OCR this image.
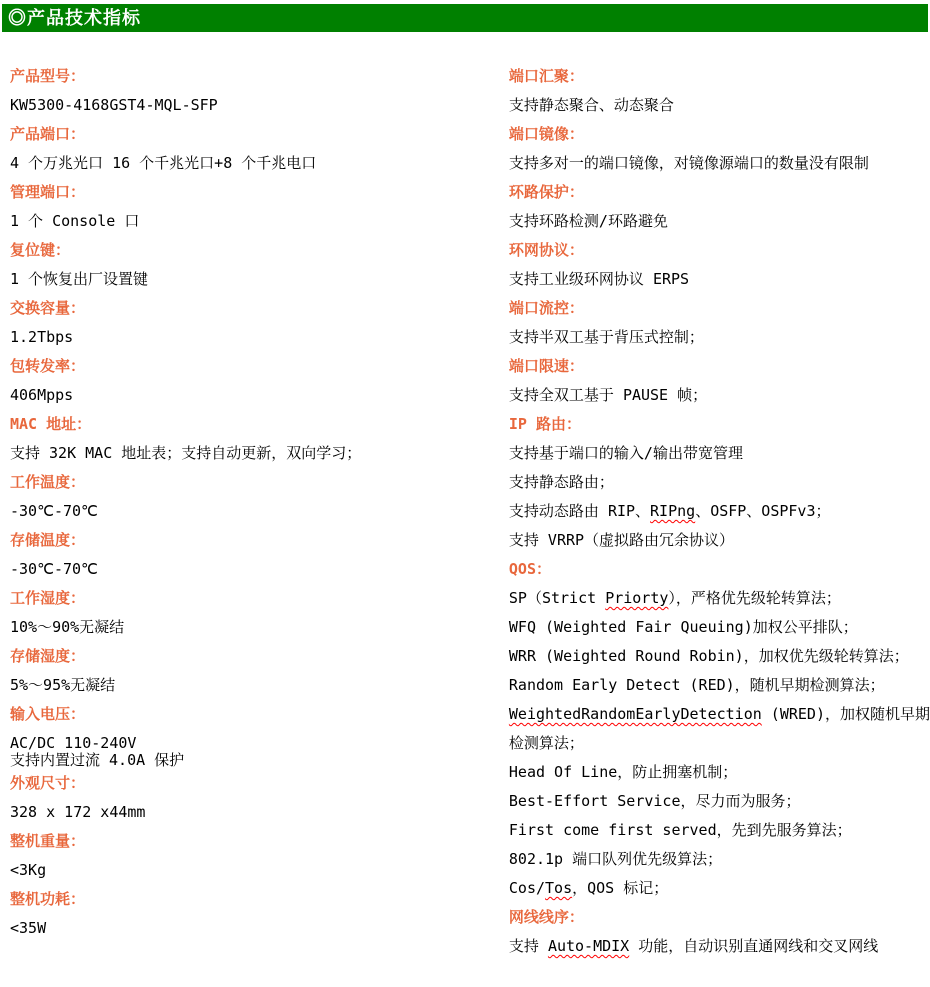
◎产品技术指标
产品型号：

KW5300-4168GST4-MQL-SFP

产品端口：

4 个万兆光口 16 个千兆光口+8 个千兆电口

管理端口：

1 个 Console 口

复位键：

1 个恢复出厂设置键

交换容量：

1.2Tbps

包转发率：

406Mpps

MAC 地址：

支持 32K MAC 地址表；支持自动更新，双向学习；

工作温度：

-30℃-70℃

存储温度：

-30℃-70℃

工作湿度：

10%～90%无凝结

存储湿度：

5%～95%无凝结

输入电压：

AC/DC 110-240V

支持内置过流 4.0A 保护

外观尺寸：

328 x 172 x44mm

整机重量：

<3Kg

整机功耗：

<35W

端口汇聚：

支持静态聚合、动态聚合

端口镜像：

支持多对一的端口镜像，对镜像源端口的数量没有限制

环路保护：

支持环路检测/环路避免

环网协议：

支持工业级环网协议 ERPS

端口流控：

支持半双工基于背压式控制；

端口限速：

支持全双工基于 PAUSE 帧；

IP 路由：

支持基于端口的输入/输出带宽管理

支持静态路由；

支持动态路由 RIP、RIPng、OSFP、OSPFv3；

支持 VRRP（虚拟路由冗余协议）

QOS：

SP（Strict Priorty），严格优先级轮转算法；

WFQ (Weighted Fair Queuing)加权公平排队；

WRR (Weighted Round Robin)，加权优先级轮转算法；

Random Early Detect (RED)，随机早期检测算法；

WeightedRandomEarlyDetection (WRED)，加权随机早期

检测算法；

Head Of Line，防止拥塞机制；

Best-Effort Service，尽力而为服务；

First come first served，先到先服务算法；

802.1p 端口队列优先级算法；

Cos/Tos，QOS 标记；

网线线序：

支持 Auto-MDIX 功能，自动识别直通网线和交叉网线
